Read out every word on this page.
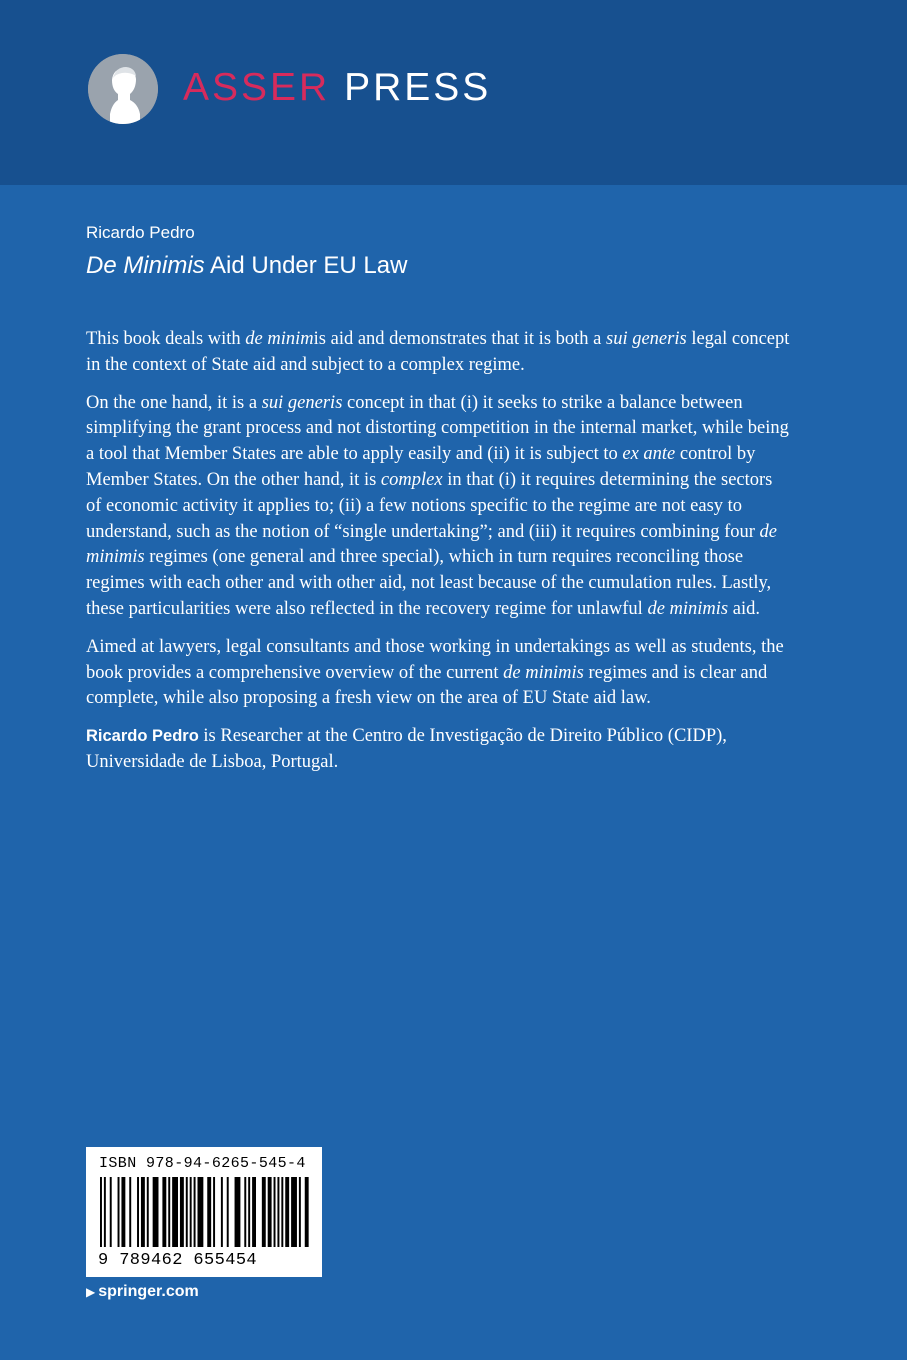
ASSER PRESS
Ricardo Pedro
De Minimis Aid Under EU Law

This book deals with de minimis aid and demonstrates that it is both a sui generis legal concept in the context of State aid and subject to a complex regime.

On the one hand, it is a sui generis concept in that (i) it seeks to strike a balance between simplifying the grant process and not distorting competition in the internal market, while being a tool that Member States are able to apply easily and (ii) it is subject to ex ante control by Member States. On the other hand, it is complex in that (i) it requires determining the sectors of economic activity it applies to; (ii) a few notions specific to the regime are not easy to understand, such as the notion of “single undertaking”; and (iii) it requires combining four de minimis regimes (one general and three special), which in turn requires reconciling those regimes with each other and with other aid, not least because of the cumulation rules. Lastly, these particularities were also reflected in the recovery regime for unlawful de minimis aid.

Aimed at lawyers, legal consultants and those working in undertakings as well as students, the book provides a comprehensive overview of the current de minimis regimes and is clear and complete, while also proposing a fresh view on the area of EU State aid law.

Ricardo Pedro is Researcher at the Centro de Investigação de Direito Público (CIDP), Universidade de Lisboa, Portugal.

ISBN 978-94-6265-545-4
9 789462 655454
▶ springer.com
